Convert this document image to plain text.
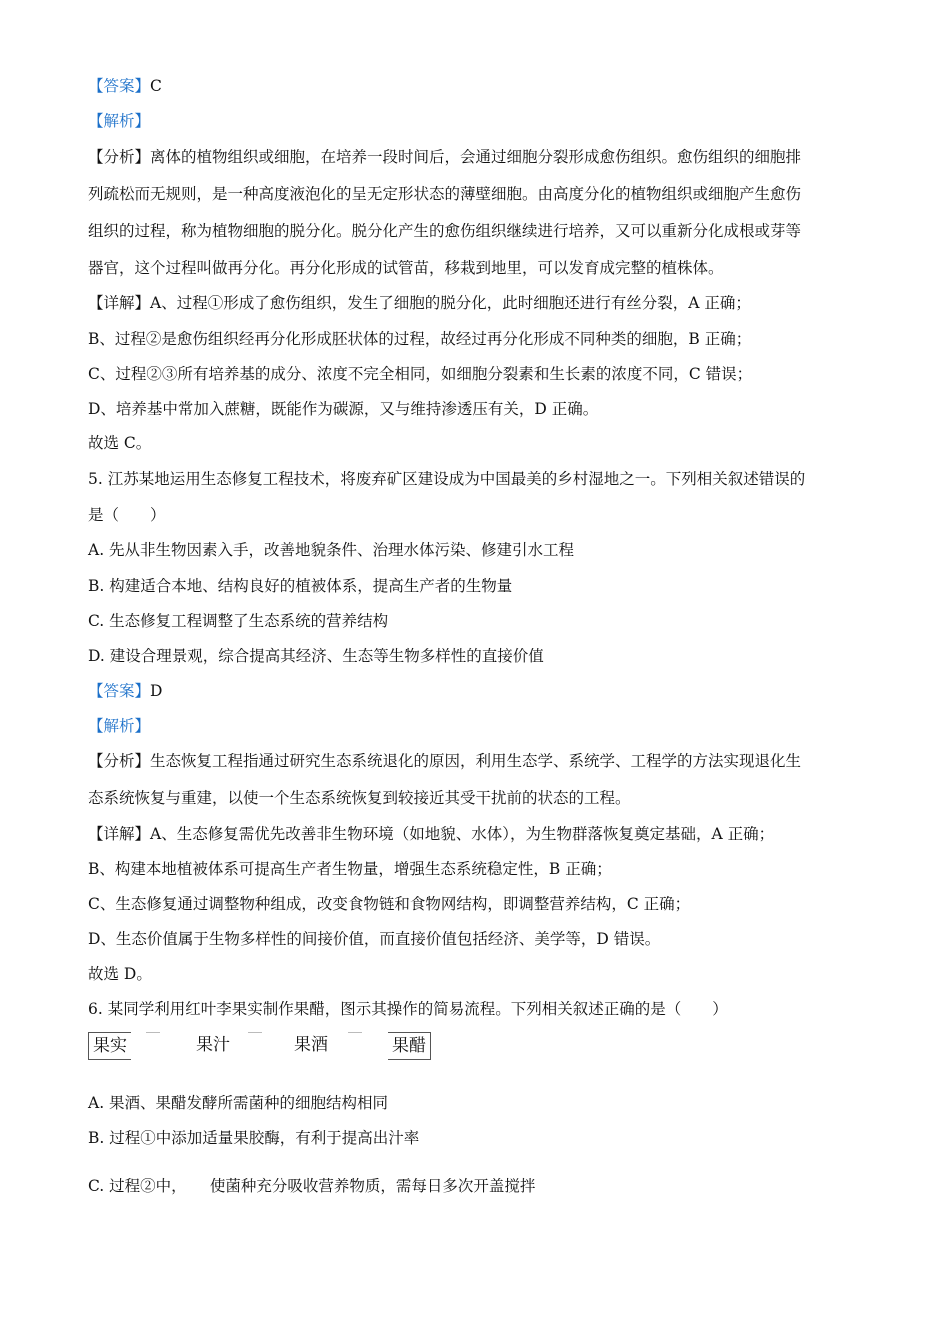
【答案】C
【解析】
【分析】离体的植物组织或细胞，在培养一段时间后，会通过细胞分裂形成愈伤组织。愈伤组织的细胞排
列疏松而无规则，是一种高度液泡化的呈无定形状态的薄壁细胞。由高度分化的植物组织或细胞产生愈伤
组织的过程，称为植物细胞的脱分化。脱分化产生的愈伤组织继续进行培养，又可以重新分化成根或芽等
器官，这个过程叫做再分化。再分化形成的试管苗，移栽到地里，可以发育成完整的植株体。
【详解】A、过程①形成了愈伤组织，发生了细胞的脱分化，此时细胞还进行有丝分裂，A 正确；
B、过程②是愈伤组织经再分化形成胚状体的过程，故经过再分化形成不同种类的细胞，B 正确；
C、过程②③所有培养基的成分、浓度不完全相同，如细胞分裂素和生长素的浓度不同，C 错误；
D、培养基中常加入蔗糖，既能作为碳源，又与维持渗透压有关，D 正确。
故选 C。
5. 江苏某地运用生态修复工程技术，将废弃矿区建设成为中国最美的乡村湿地之一。下列相关叙述错误的
是（　　）
A. 先从非生物因素入手，改善地貌条件、治理水体污染、修建引水工程
B. 构建适合本地、结构良好的植被体系，提高生产者的生物量
C. 生态修复工程调整了生态系统的营养结构
D. 建设合理景观，综合提高其经济、生态等生物多样性的直接价值
【答案】D
【解析】
【分析】生态恢复工程指通过研究生态系统退化的原因，利用生态学、系统学、工程学的方法实现退化生
态系统恢复与重建，以使一个生态系统恢复到较接近其受干扰前的状态的工程。
【详解】A、生态修复需优先改善非生物环境（如地貌、水体），为生物群落恢复奠定基础，A 正确；
B、构建本地植被体系可提高生产者生物量，增强生态系统稳定性，B 正确；
C、生态修复通过调整物种组成，改变食物链和食物网结构，即调整营养结构，C 正确；
D、生态价值属于生物多样性的间接价值，而直接价值包括经济、美学等，D 错误。
故选 D。
6. 某同学利用红叶李果实制作果醋，图示其操作的简易流程。下列相关叙述正确的是（　　）
果实	果汁	果酒	果醋
A. 果酒、果醋发酵所需菌种的细胞结构相同
B. 过程①中添加适量果胶酶，有利于提高出汁率
C. 过程②中，　　使菌种充分吸收营养物质，需每日多次开盖搅拌
